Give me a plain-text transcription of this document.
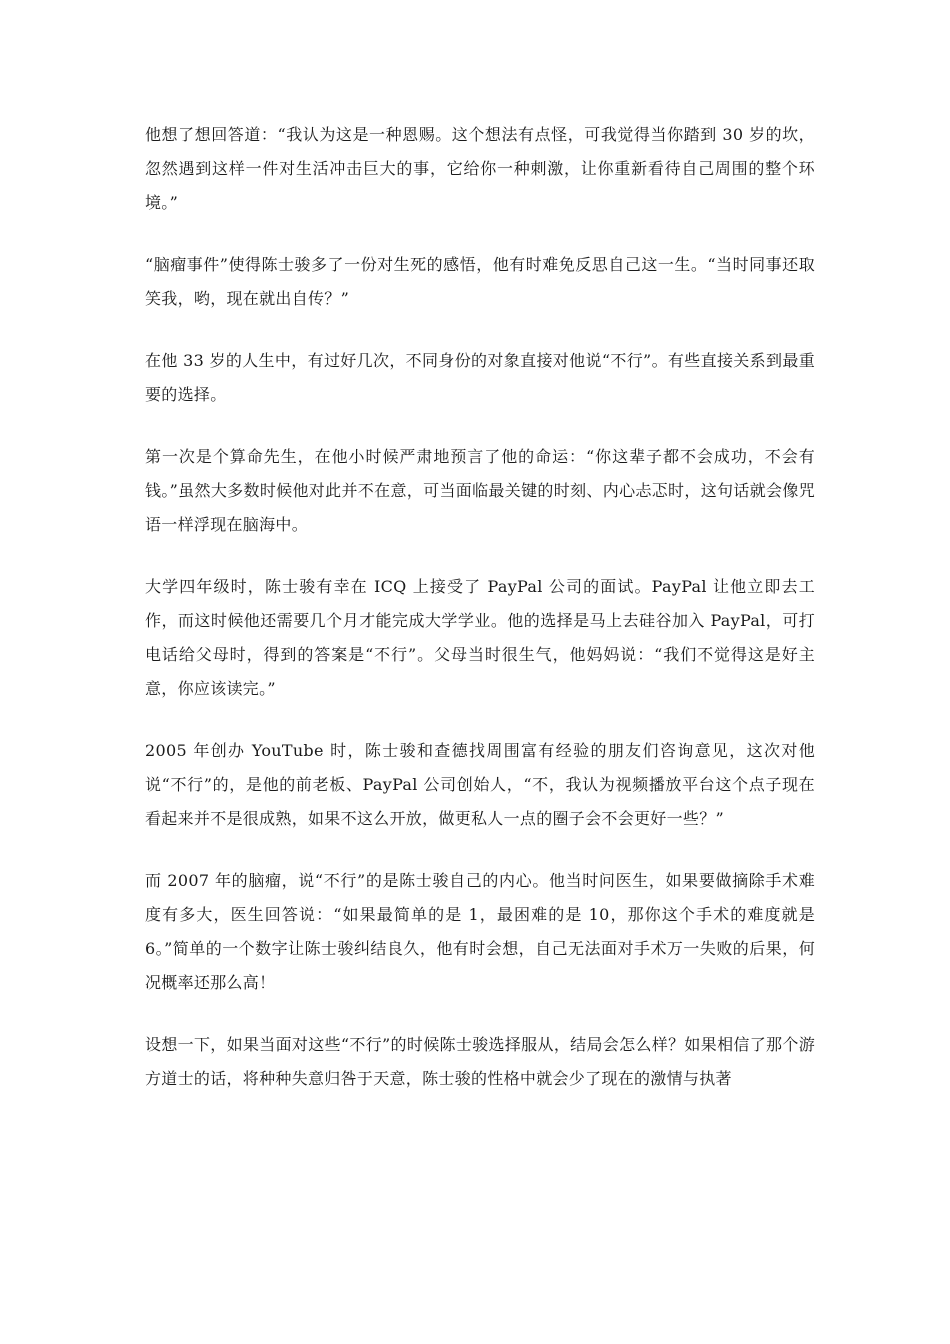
他想了想回答道：“我认为这是一种恩赐。这个想法有点怪，可我觉得当你踏到 30 岁的坎，忽然遇到这样一件对生活冲击巨大的事，它给你一种刺激，让你重新看待自己周围的整个环境。”

“脑瘤事件”使得陈士骏多了一份对生死的感悟，他有时难免反思自己这一生。“当时同事还取笑我，哟，现在就出自传？”

在他 33 岁的人生中，有过好几次，不同身份的对象直接对他说“不行”。有些直接关系到最重要的选择。

第一次是个算命先生，在他小时候严肃地预言了他的命运：“你这辈子都不会成功，不会有钱。”虽然大多数时候他对此并不在意，可当面临最关键的时刻、内心忐忑时，这句话就会像咒语一样浮现在脑海中。

大学四年级时，陈士骏有幸在 ICQ 上接受了 PayPal 公司的面试。PayPal 让他立即去工作，而这时候他还需要几个月才能完成大学学业。他的选择是马上去硅谷加入 PayPal，可打电话给父母时，得到的答案是“不行”。父母当时很生气，他妈妈说：“我们不觉得这是好主意，你应该读完。”

2005 年创办 YouTube 时，陈士骏和查德找周围富有经验的朋友们咨询意见，这次对他说“不行”的，是他的前老板、PayPal 公司创始人，“不，我认为视频播放平台这个点子现在看起来并不是很成熟，如果不这么开放，做更私人一点的圈子会不会更好一些？”

而 2007 年的脑瘤，说“不行”的是陈士骏自己的内心。他当时问医生，如果要做摘除手术难度有多大，医生回答说：“如果最简单的是 1，最困难的是 10，那你这个手术的难度就是 6。”简单的一个数字让陈士骏纠结良久，他有时会想，自己无法面对手术万一失败的后果，何况概率还那么高！

设想一下，如果当面对这些“不行”的时候陈士骏选择服从，结局会怎么样？如果相信了那个游方道士的话，将种种失意归咎于天意，陈士骏的性格中就会少了现在的激情与执著
